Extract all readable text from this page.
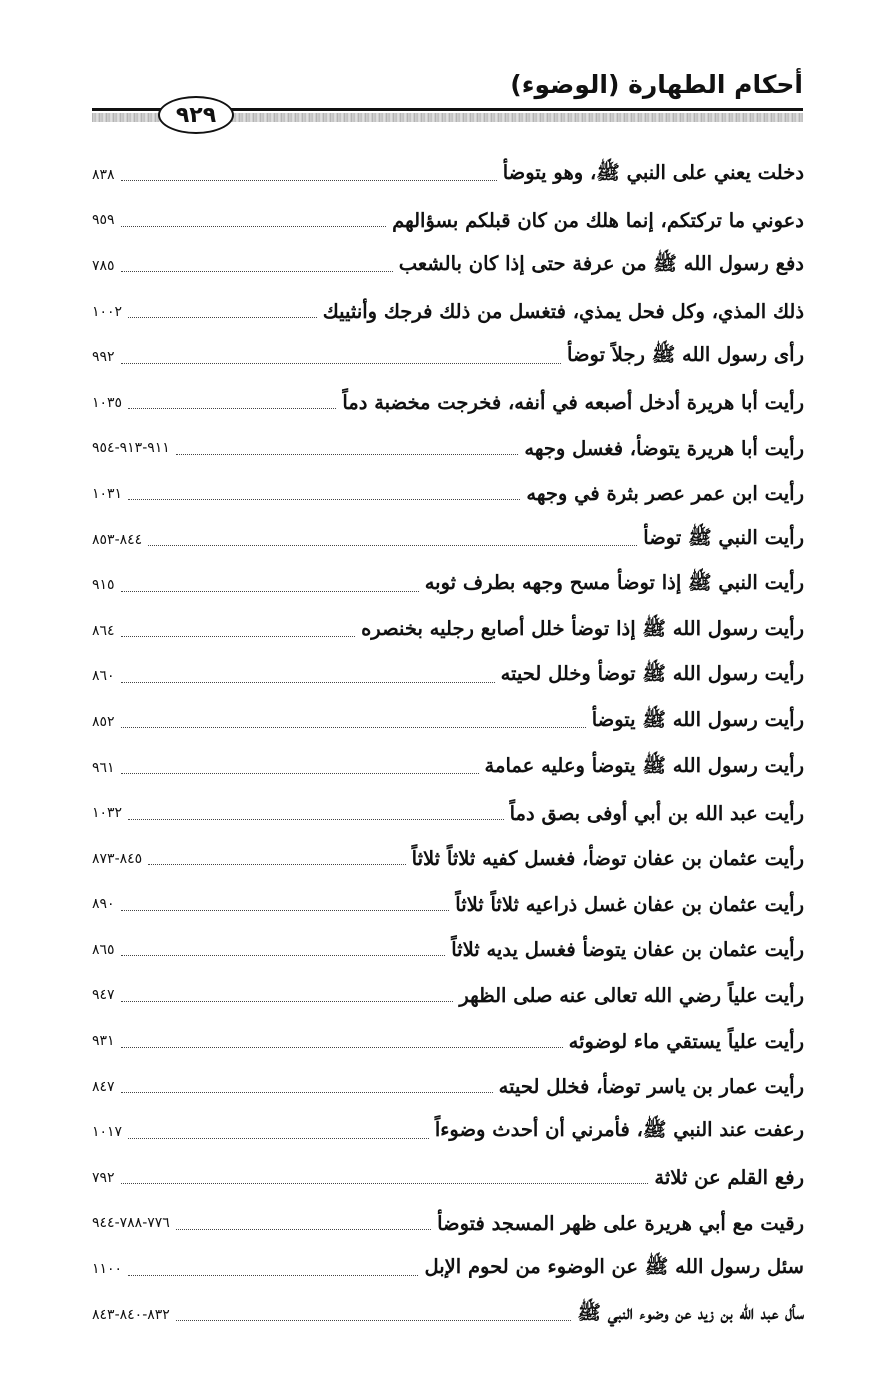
أحكام الطهارة (الوضوء)
٩٢٩
دخلت يعني على النبي ﷺ، وهو يتوضأ
٨٣٨
دعوني ما تركتكم، إنما هلك من كان قبلكم بسؤالهم
٩٥٩
دفع رسول الله ﷺ من عرفة حتى إذا كان بالشعب
٧٨٥
ذلك المذي، وكل فحل يمذي، فتغسل من ذلك فرجك وأنثييك
١٠٠٢
رأى رسول الله ﷺ رجلاً توضأ
٩٩٢
رأيت أبا هريرة أدخل أصبعه في أنفه، فخرجت مخضبة دماً
١٠٣٥
رأيت أبا هريرة يتوضأ، فغسل وجهه
٩١١-٩١٣-٩٥٤
رأيت ابن عمر عصر بثرة في وجهه
١٠٣١
رأيت النبي ﷺ توضأ
٨٤٤-٨٥٣
رأيت النبي ﷺ إذا توضأ مسح وجهه بطرف ثوبه
٩١٥
رأيت رسول الله ﷺ إذا توضأ خلل أصابع رجليه بخنصره
٨٦٤
رأيت رسول الله ﷺ توضأ وخلل لحيته
٨٦٠
رأيت رسول الله ﷺ يتوضأ
٨٥٢
رأيت رسول الله ﷺ يتوضأ وعليه عمامة
٩٦١
رأيت عبد الله بن أبي أوفى بصق دماً
١٠٣٢
رأيت عثمان بن عفان توضأ، فغسل كفيه ثلاثاً ثلاثاً
٨٤٥-٨٧٣
رأيت عثمان بن عفان غسل ذراعيه ثلاثاً ثلاثاً
٨٩٠
رأيت عثمان بن عفان يتوضأ فغسل يديه ثلاثاً
٨٦٥
رأيت علياً رضي الله تعالى عنه صلى الظهر
٩٤٧
رأيت علياً يستقي ماء لوضوئه
٩٣١
رأيت عمار بن ياسر توضأ، فخلل لحيته
٨٤٧
رعفت عند النبي ﷺ، فأمرني أن أحدث وضوءاً
١٠١٧
رفع القلم عن ثلاثة
٧٩٢
رقيت مع أبي هريرة على ظهر المسجد فتوضأ
٧٧٦-٧٨٨-٩٤٤
سئل رسول الله ﷺ عن الوضوء من لحوم الإبل
١١٠٠
سأل عبد الله بن زيد عن وضوء النبي ﷺ
٨٣٢-٨٤٠-٨٤٣
